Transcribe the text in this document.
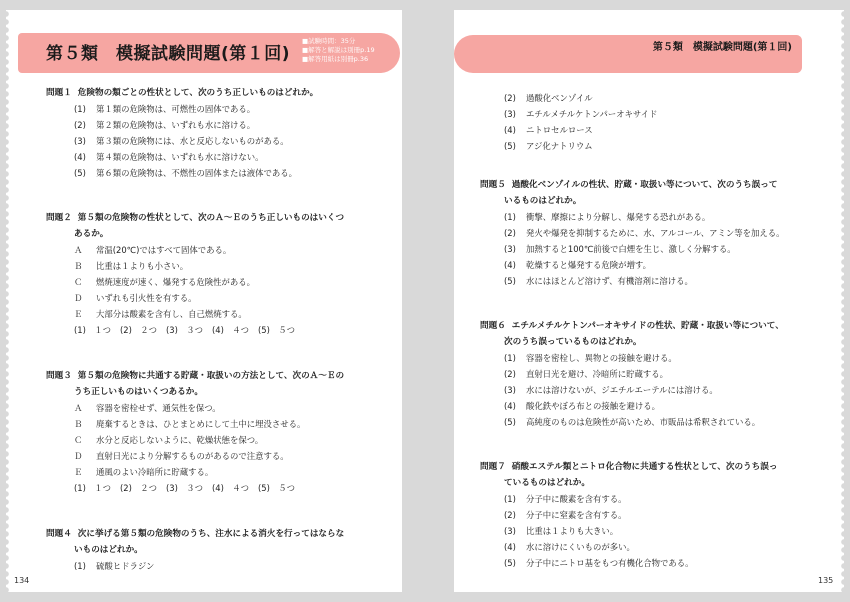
第５類　模擬試験問題(第１回)
■試験時間：35分
■解答と解説は別冊p.19
■解答用紙は別冊p.36
問題１ 危険物の類ごとの性状として、次のうち正しいものはどれか。
(1) 第１類の危険物は、可燃性の固体である。
(2) 第２類の危険物は、いずれも水に溶ける。
(3) 第３類の危険物には、水と反応しないものがある。
(4) 第４類の危険物は、いずれも水に溶けない。
(5) 第６類の危険物は、不燃性の固体または液体である。
問題２ 第５類の危険物の性状として、次のＡ～Ｅのうち正しいものはいくつ
あるか。
Ａ 常温(20℃)ではすべて固体である。
Ｂ 比重は１よりも小さい。
Ｃ 燃焼速度が速く、爆発する危険性がある。
Ｄ いずれも引火性を有する。
Ｅ 大部分は酸素を含有し、自己燃焼する。
(1)　１つ (2)　２つ (3)　３つ (4)　４つ (5)　５つ
問題３ 第５類の危険物に共通する貯蔵・取扱いの方法として、次のＡ～Ｅの
うち正しいものはいくつあるか。
Ａ 容器を密栓せず、通気性を保つ。
Ｂ 廃棄するときは、ひとまとめにして土中に埋没させる。
Ｃ 水分と反応しないように、乾燥状態を保つ。
Ｄ 直射日光により分解するものがあるので注意する。
Ｅ 通風のよい冷暗所に貯蔵する。
(1)　１つ (2)　２つ (3)　３つ (4)　４つ (5)　５つ
問題４ 次に挙げる第５類の危険物のうち、注水による消火を行ってはならな
いものはどれか。
(1) 硫酸ヒドラジン
134
第５類　模擬試験問題(第１回)
(2) 過酸化ベンゾイル
(3) エチルメチルケトンパーオキサイド
(4) ニトロセルロース
(5) アジ化ナトリウム
問題５ 過酸化ベンゾイルの性状、貯蔵・取扱い等について、次のうち誤って
いるものはどれか。
(1) 衝撃、摩擦により分解し、爆発する恐れがある。
(2) 発火や爆発を抑制するために、水、アルコール、アミン等を加える。
(3) 加熱すると100℃前後で白煙を生じ、激しく分解する。
(4) 乾燥すると爆発する危険が増す。
(5) 水にはほとんど溶けず、有機溶剤に溶ける。
問題６ エチルメチルケトンパーオキサイドの性状、貯蔵・取扱い等について、
次のうち誤っているものはどれか。
(1) 容器を密栓し、異物との接触を避ける。
(2) 直射日光を避け、冷暗所に貯蔵する。
(3) 水には溶けないが、ジエチルエーテルには溶ける。
(4) 酸化鉄やぼろ布との接触を避ける。
(5) 高純度のものは危険性が高いため、市販品は希釈されている。
問題７ 硝酸エステル類とニトロ化合物に共通する性状として、次のうち誤っ
ているものはどれか。
(1) 分子中に酸素を含有する。
(2) 分子中に窒素を含有する。
(3) 比重は１よりも大きい。
(4) 水に溶けにくいものが多い。
(5) 分子中にニトロ基をもつ有機化合物である。
135
